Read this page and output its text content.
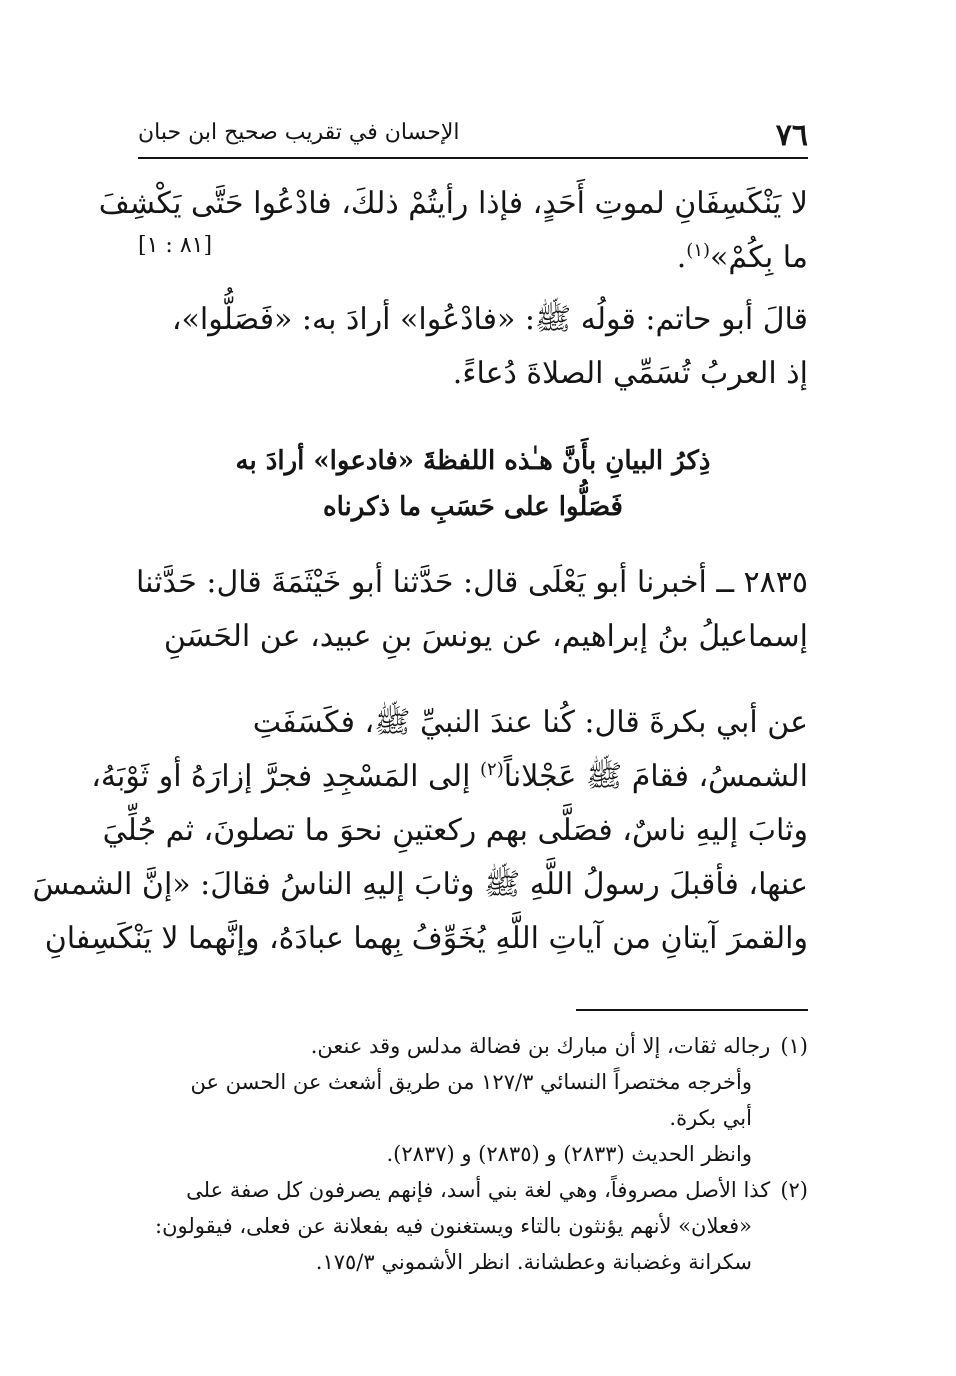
٧٦
الإحسان في تقريب صحيح ابن حبان
لا يَنْكَسِفَانِ لموتِ أَحَدٍ، فإذا رأيتُمْ ذلكَ، فادْعُوا حَتَّى يَكْشِفَ
ما بِكُمْ»$^{(١)}$.
[٨١ : ١]
قالَ أبو حاتم: قولُه ﷺ: «فادْعُوا» أرادَ به: «فَصَلُّوا»،
إذ العربُ تُسَمِّي الصلاةَ دُعاءً.
ذِكرُ البيانِ بأَنَّ هـٰذه اللفظةَ «فادعوا» أرادَ به
فَصَلُّوا على حَسَبِ ما ذكرناه
٢٨٣٥ ــ أخبرنا أبو يَعْلَى قال: حَدَّثنا أبو خَيْثَمَةَ قال: حَدَّثنا
إسماعيلُ بنُ إبراهيم، عن يونسَ بنِ عبيد، عن الحَسَنِ
عن أبي بكرةَ قال: كُنا عندَ النبيِّ ﷺ، فكَسَفَتِ
الشمسُ، فقامَ ﷺ عَجْلاناً$^{(٢)}$ إلى المَسْجِدِ فجرَّ إزارَهُ أو ثَوْبَهُ،
وثابَ إليهِ ناسٌ، فصَلَّى بهم ركعتينِ نحوَ ما تصلونَ، ثم جُلِّيَ
عنها، فأقبلَ رسولُ اللَّهِ ﷺ وثابَ إليهِ الناسُ فقالَ: «إنَّ الشمسَ
والقمرَ آيتانِ من آياتِ اللَّهِ يُخَوِّفُ بِهما عبادَهُ، وإنَّهما لا يَنْكَسِفانِ
(١)رجاله ثقات، إلا أن مبارك بن فضالة مدلس وقد عنعن.
وأخرجه مختصراً النسائي ١٢٧/٣ من طريق أشعث عن الحسن عن
أبي بكرة.
وانظر الحديث (٢٨٣٣) و (٢٨٣٥) و (٢٨٣٧).
(٢)كذا الأصل مصروفاً، وهي لغة بني أسد، فإنهم يصرفون كل صفة على
«فعلان» لأنهم يؤنثون بالتاء ويستغنون فيه بفعلانة عن فعلى، فيقولون:
سكرانة وغضبانة وعطشانة. انظر الأشموني ١٧٥/٣.
